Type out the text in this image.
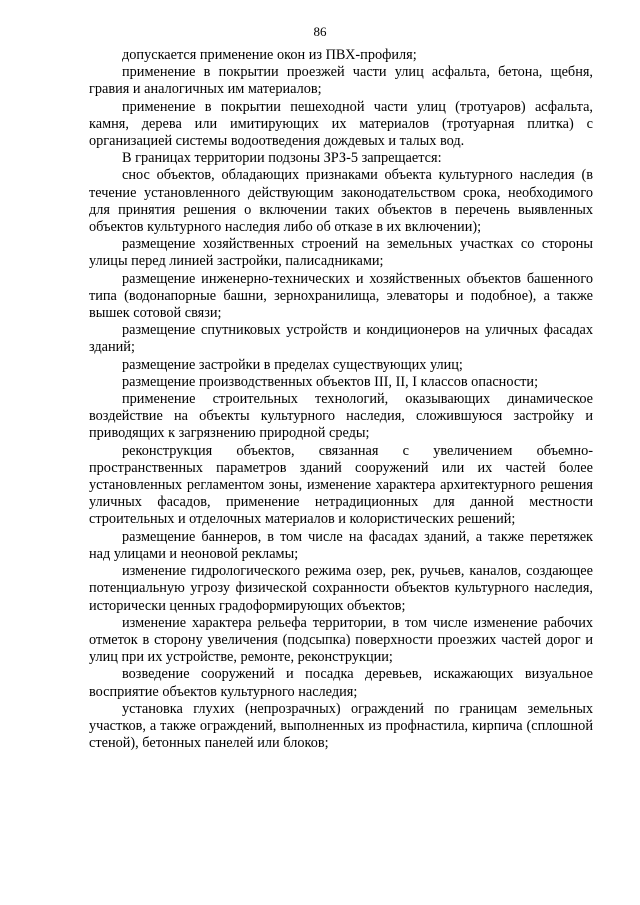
86

допускается применение окон из ПВХ-профиля;

применение в покрытии проезжей части улиц асфальта, бетона, щебня, гравия и аналогичных им материалов;

применение в покрытии пешеходной части улиц (тротуаров) асфальта, камня, дерева или имитирующих их материалов (тротуарная плитка) с организацией системы водоотведения дождевых и талых вод.

В границах территории подзоны ЗРЗ-5 запрещается:

снос объектов, обладающих признаками объекта культурного наследия (в течение установленного действующим законодательством срока, необходимого для принятия решения о включении таких объектов в перечень выявленных объектов культурного наследия либо об отказе в их включении);

размещение хозяйственных строений на земельных участках со стороны улицы перед линией застройки, палисадниками;

размещение инженерно-технических и хозяйственных объектов башенного типа (водонапорные башни, зернохранилища, элеваторы и подобное), а также вышек сотовой связи;

размещение спутниковых устройств и кондиционеров на уличных фасадах зданий;

размещение застройки в пределах существующих улиц;

размещение производственных объектов III, II, I классов опасности;

применение строительных технологий, оказывающих динамическое воздействие на объекты культурного наследия, сложившуюся застройку и приводящих к загрязнению природной среды;

реконструкция объектов, связанная с увеличением объемно-пространственных параметров зданий сооружений или их частей более установленных регламентом зоны, изменение характера архитектурного решения уличных фасадов, применение нетрадиционных для данной местности строительных и отделочных материалов и колористических решений;

размещение баннеров, в том числе на фасадах зданий, а также перетяжек над улицами и неоновой рекламы;

изменение гидрологического режима озер, рек, ручьев, каналов, создающее потенциальную угрозу физической сохранности объектов культурного наследия, исторически ценных градоформирующих объектов;

изменение характера рельефа территории, в том числе изменение рабочих отметок в сторону увеличения (подсыпка) поверхности проезжих частей дорог и улиц при их устройстве, ремонте, реконструкции;

возведение сооружений и посадка деревьев, искажающих визуальное восприятие объектов культурного наследия;

установка глухих (непрозрачных) ограждений по границам земельных участков, а также ограждений, выполненных из профнастила, кирпича (сплошной стеной), бетонных панелей или блоков;
